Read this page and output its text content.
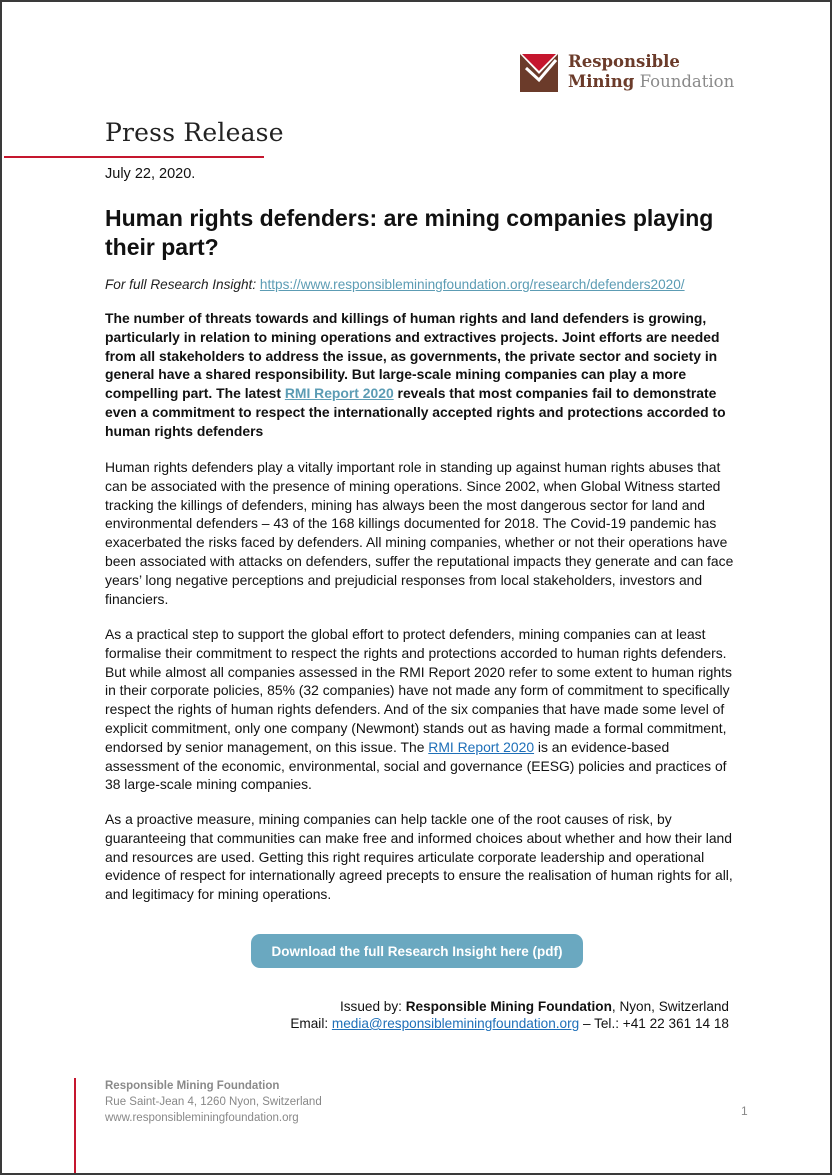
Responsible
Mining Foundation
Press Release
July 22, 2020.
Human rights defenders: are mining companies playing their part?
For full Research Insight: https://www.responsibleminingfoundation.org/research/defenders2020/
The number of threats towards and killings of human rights and land defenders is growing, particularly in relation to mining operations and extractives projects. Joint efforts are needed from all stakeholders to address the issue, as governments, the private sector and society in general have a shared responsibility. But large-scale mining companies can play a more compelling part. The latest RMI Report 2020 reveals that most companies fail to demonstrate even a commitment to respect the internationally accepted rights and protections accorded to human rights defenders
Human rights defenders play a vitally important role in standing up against human rights abuses that can be associated with the presence of mining operations. Since 2002, when Global Witness started tracking the killings of defenders, mining has always been the most dangerous sector for land and environmental defenders – 43 of the 168 killings documented for 2018. The Covid-19 pandemic has exacerbated the risks faced by defenders. All mining companies, whether or not their operations have been associated with attacks on defenders, suffer the reputational impacts they generate and can face years’ long negative perceptions and prejudicial responses from local stakeholders, investors and financiers.
As a practical step to support the global effort to protect defenders, mining companies can at least formalise their commitment to respect the rights and protections accorded to human rights defenders. But while almost all companies assessed in the RMI Report 2020 refer to some extent to human rights in their corporate policies, 85% (32 companies) have not made any form of commitment to specifically respect the rights of human rights defenders. And of the six companies that have made some level of explicit commitment, only one company (Newmont) stands out as having made a formal commitment, endorsed by senior management, on this issue. The RMI Report 2020 is an evidence-based assessment of the economic, environmental, social and governance (EESG) policies and practices of 38 large-scale mining companies.
As a proactive measure, mining companies can help tackle one of the root causes of risk, by guaranteeing that communities can make free and informed choices about whether and how their land and resources are used. Getting this right requires articulate corporate leadership and operational evidence of respect for internationally agreed precepts to ensure the realisation of human rights for all, and legitimacy for mining operations.
Download the full Research Insight here (pdf)
Issued by: Responsible Mining Foundation, Nyon, Switzerland
Email: media@responsibleminingfoundation.org – Tel.: +41 22 361 14 18
Responsible Mining Foundation
Rue Saint-Jean 4, 1260 Nyon, Switzerland
www.responsibleminingfoundation.org	1
